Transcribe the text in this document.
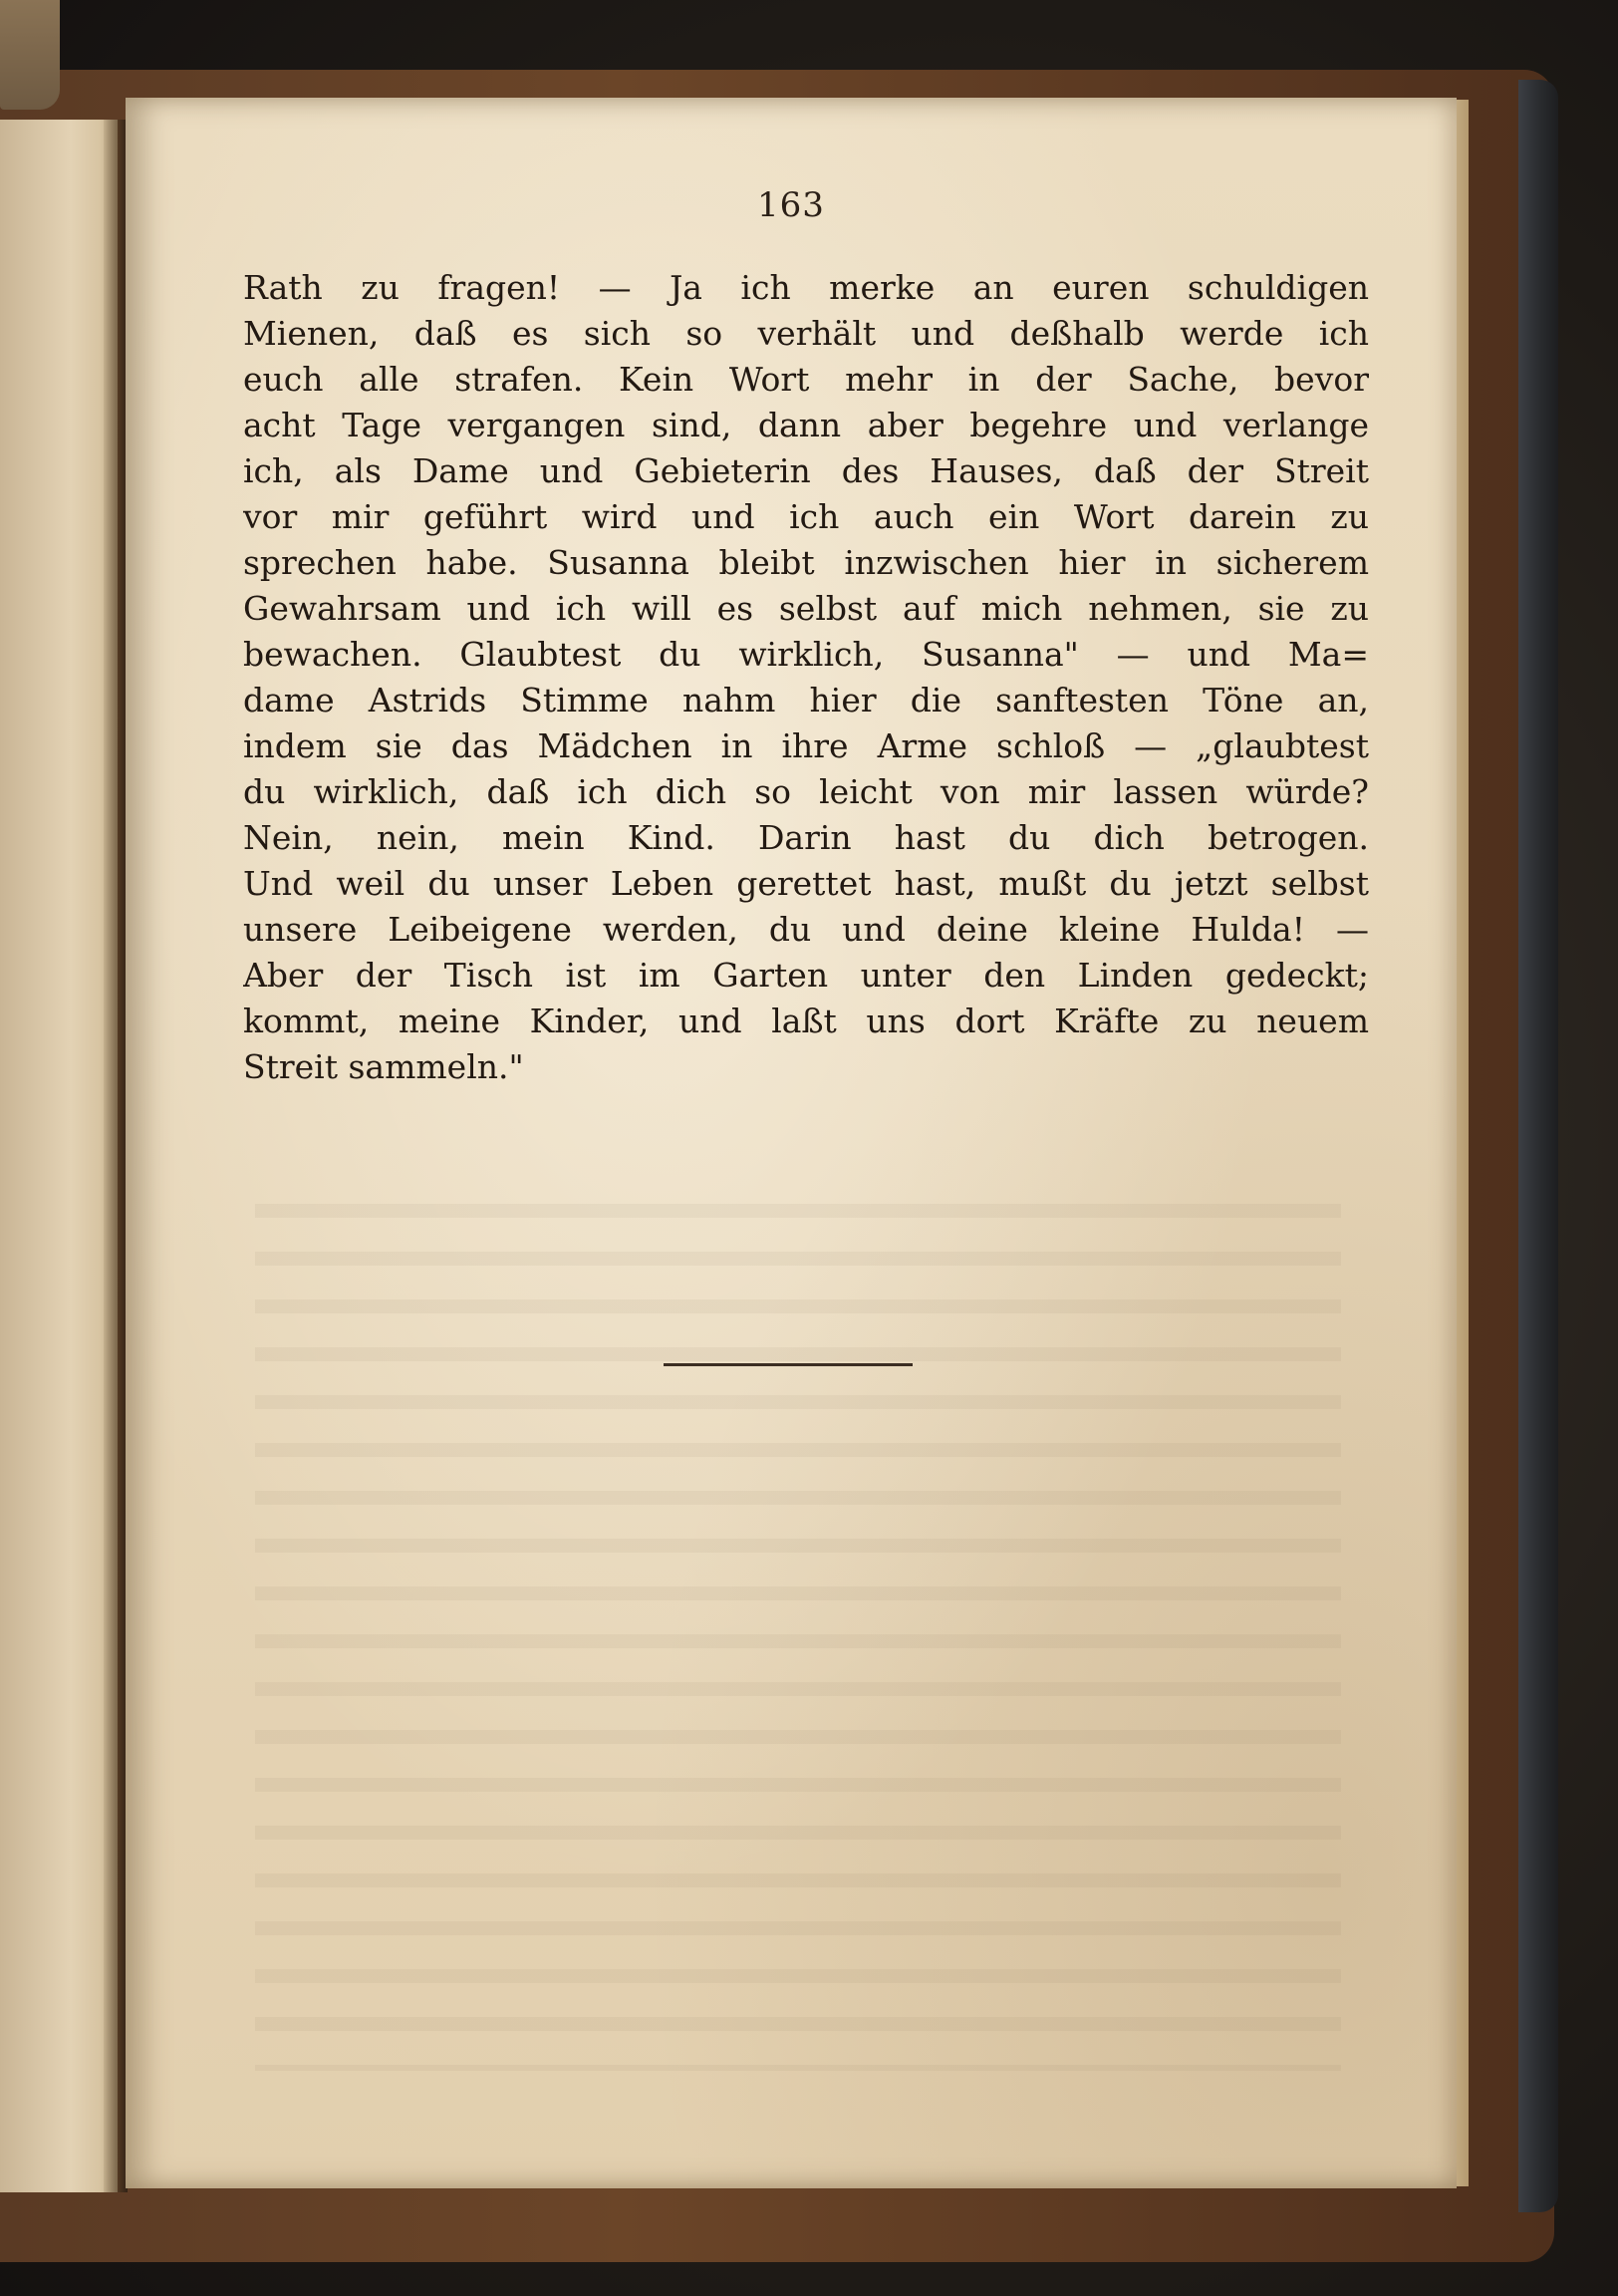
163
Rath zu fragen! — Ja ich merke an euren schuldigen
Mienen, daß es sich so verhält und deßhalb werde ich
euch alle strafen. Kein Wort mehr in der Sache, bevor
acht Tage vergangen sind, dann aber begehre und verlange
ich, als Dame und Gebieterin des Hauses, daß der Streit
vor mir geführt wird und ich auch ein Wort darein zu
sprechen habe. Susanna bleibt inzwischen hier in sicherem
Gewahrsam und ich will es selbst auf mich nehmen, sie zu
bewachen. Glaubtest du wirklich, Susanna" — und Ma=
dame Astrids Stimme nahm hier die sanftesten Töne an,
indem sie das Mädchen in ihre Arme schloß — „glaubtest
du wirklich, daß ich dich so leicht von mir lassen würde?
Nein, nein, mein Kind. Darin hast du dich betrogen.
Und weil du unser Leben gerettet hast, mußt du jetzt selbst
unsere Leibeigene werden, du und deine kleine Hulda! —
Aber der Tisch ist im Garten unter den Linden gedeckt;
kommt, meine Kinder, und laßt uns dort Kräfte zu neuem
Streit sammeln."
